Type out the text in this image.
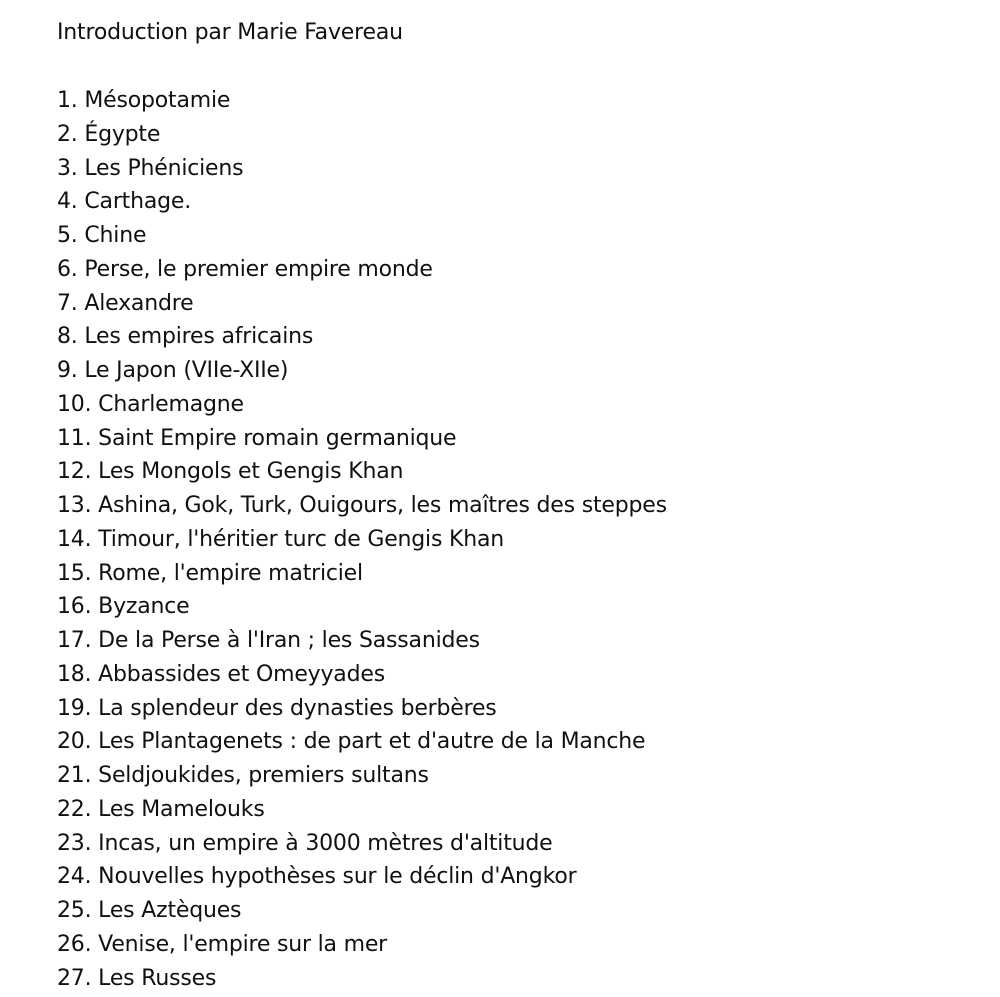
Introduction par Marie Favereau
1. Mésopotamie
2. Égypte
3. Les Phéniciens
4. Carthage.
5. Chine
6. Perse, le premier empire monde
7. Alexandre
8. Les empires africains
9. Le Japon (VIIe-XIIe)
10. Charlemagne
11. Saint Empire romain germanique
12. Les Mongols et Gengis Khan
13. Ashina, Gok, Turk, Ouigours, les maîtres des steppes
14. Timour, l'héritier turc de Gengis Khan
15. Rome, l'empire matriciel
16. Byzance
17. De la Perse à l'Iran ; les Sassanides
18. Abbassides et Omeyyades
19. La splendeur des dynasties berbères
20. Les Plantagenets : de part et d'autre de la Manche
21. Seldjoukides, premiers sultans
22. Les Mamelouks
23. Incas, un empire à 3000 mètres d'altitude
24. Nouvelles hypothèses sur le déclin d'Angkor
25. Les Aztèques
26. Venise, l'empire sur la mer
27. Les Russes
